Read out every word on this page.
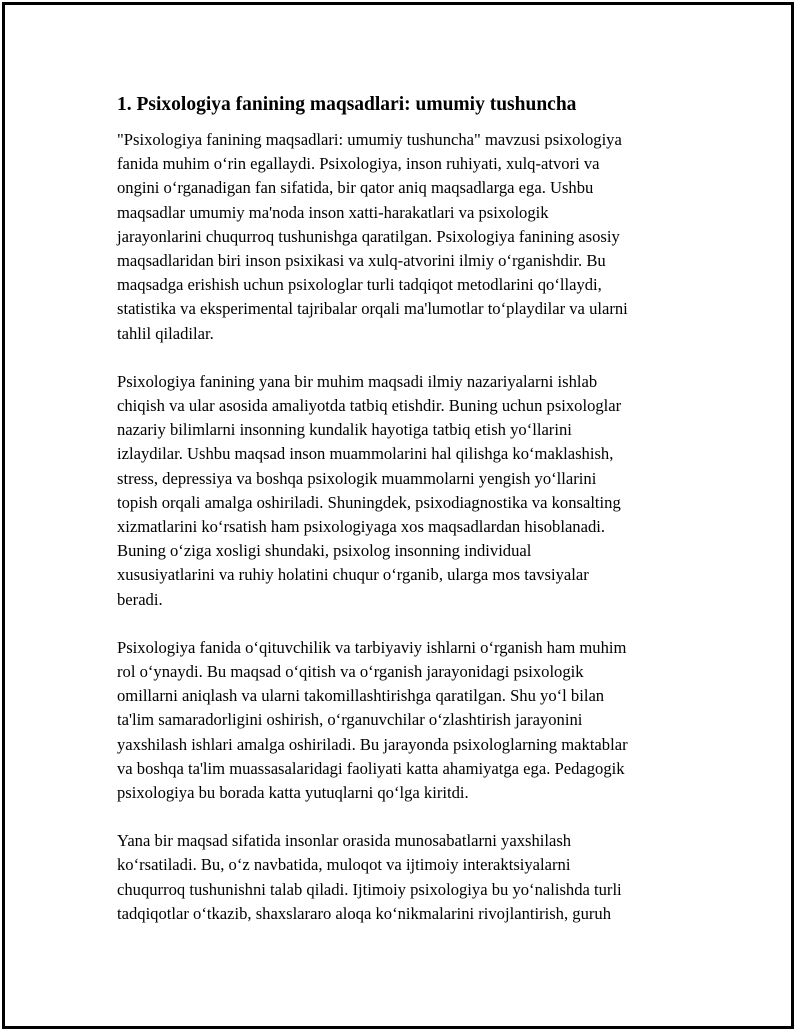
1. Psixologiya fanining maqsadlari: umumiy tushuncha

"Psixologiya fanining maqsadlari: umumiy tushuncha" mavzusi psixologiya
fanida muhim o‘rin egallaydi. Psixologiya, inson ruhiyati, xulq-atvori va
ongini o‘rganadigan fan sifatida, bir qator aniq maqsadlarga ega. Ushbu
maqsadlar umumiy ma'noda inson xatti-harakatlari va psixologik
jarayonlarini chuqurroq tushunishga qaratilgan. Psixologiya fanining asosiy
maqsadlaridan biri inson psixikasi va xulq-atvorini ilmiy o‘rganishdir. Bu
maqsadga erishish uchun psixologlar turli tadqiqot metodlarini qo‘llaydi,
statistika va eksperimental tajribalar orqali ma'lumotlar to‘playdilar va ularni
tahlil qiladilar.

Psixologiya fanining yana bir muhim maqsadi ilmiy nazariyalarni ishlab
chiqish va ular asosida amaliyotda tatbiq etishdir. Buning uchun psixologlar
nazariy bilimlarni insonning kundalik hayotiga tatbiq etish yo‘llarini
izlaydilar. Ushbu maqsad inson muammolarini hal qilishga ko‘maklashish,
stress, depressiya va boshqa psixologik muammolarni yengish yo‘llarini
topish orqali amalga oshiriladi. Shuningdek, psixodiagnostika va konsalting
xizmatlarini ko‘rsatish ham psixologiyaga xos maqsadlardan hisoblanadi.
Buning o‘ziga xosligi shundaki, psixolog insonning individual
xususiyatlarini va ruhiy holatini chuqur o‘rganib, ularga mos tavsiyalar
beradi.

Psixologiya fanida o‘qituvchilik va tarbiyaviy ishlarni o‘rganish ham muhim
rol o‘ynaydi. Bu maqsad o‘qitish va o‘rganish jarayonidagi psixologik
omillarni aniqlash va ularni takomillashtirishga qaratilgan. Shu yo‘l bilan
ta'lim samaradorligini oshirish, o‘rganuvchilar o‘zlashtirish jarayonini
yaxshilash ishlari amalga oshiriladi. Bu jarayonda psixologlarning maktablar
va boshqa ta'lim muassasalaridagi faoliyati katta ahamiyatga ega. Pedagogik
psixologiya bu borada katta yutuqlarni qo‘lga kiritdi.

Yana bir maqsad sifatida insonlar orasida munosabatlarni yaxshilash
ko‘rsatiladi. Bu, o‘z navbatida, muloqot va ijtimoiy interaktsiyalarni
chuqurroq tushunishni talab qiladi. Ijtimoiy psixologiya bu yo‘nalishda turli
tadqiqotlar o‘tkazib, shaxslararo aloqa ko‘nikmalarini rivojlantirish, guruh
